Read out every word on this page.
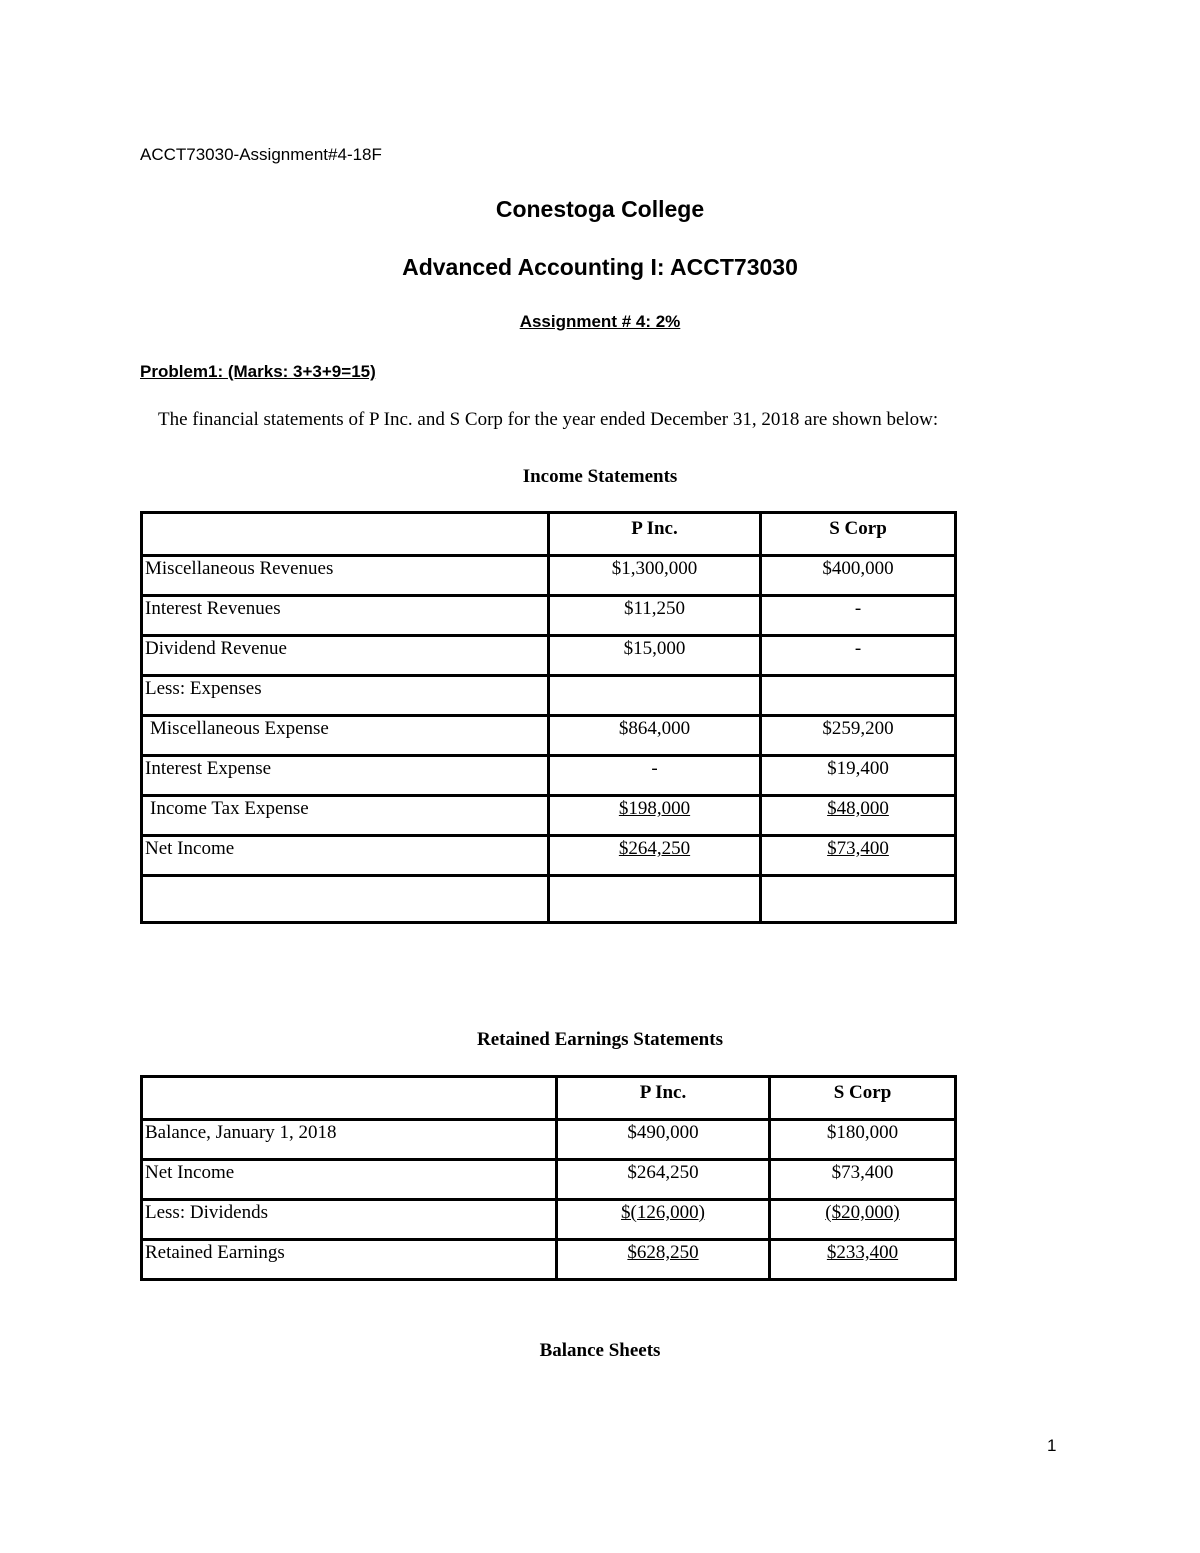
ACCT73030-Assignment#4-18F
Conestoga College
Advanced Accounting I: ACCT73030
Assignment # 4: 2%
Problem1: (Marks: 3+3+9=15)
The financial statements of P Inc. and S Corp for the year ended December 31, 2018 are shown below:
Income Statements
	P Inc.	S Corp
Miscellaneous Revenues	$1,300,000	$400,000
Interest Revenues	$11,250	-
Dividend Revenue	$15,000	-
Less: Expenses		
Miscellaneous Expense	$864,000	$259,200
Interest Expense	-	$19,400
Income Tax Expense	$198,000	$48,000
Net Income	$264,250	$73,400

Retained Earnings Statements
	P Inc.	S Corp
Balance, January 1, 2018	$490,000	$180,000
Net Income	$264,250	$73,400
Less: Dividends	$(126,000)	($20,000)
Retained Earnings	$628,250	$233,400
Balance Sheets
1
